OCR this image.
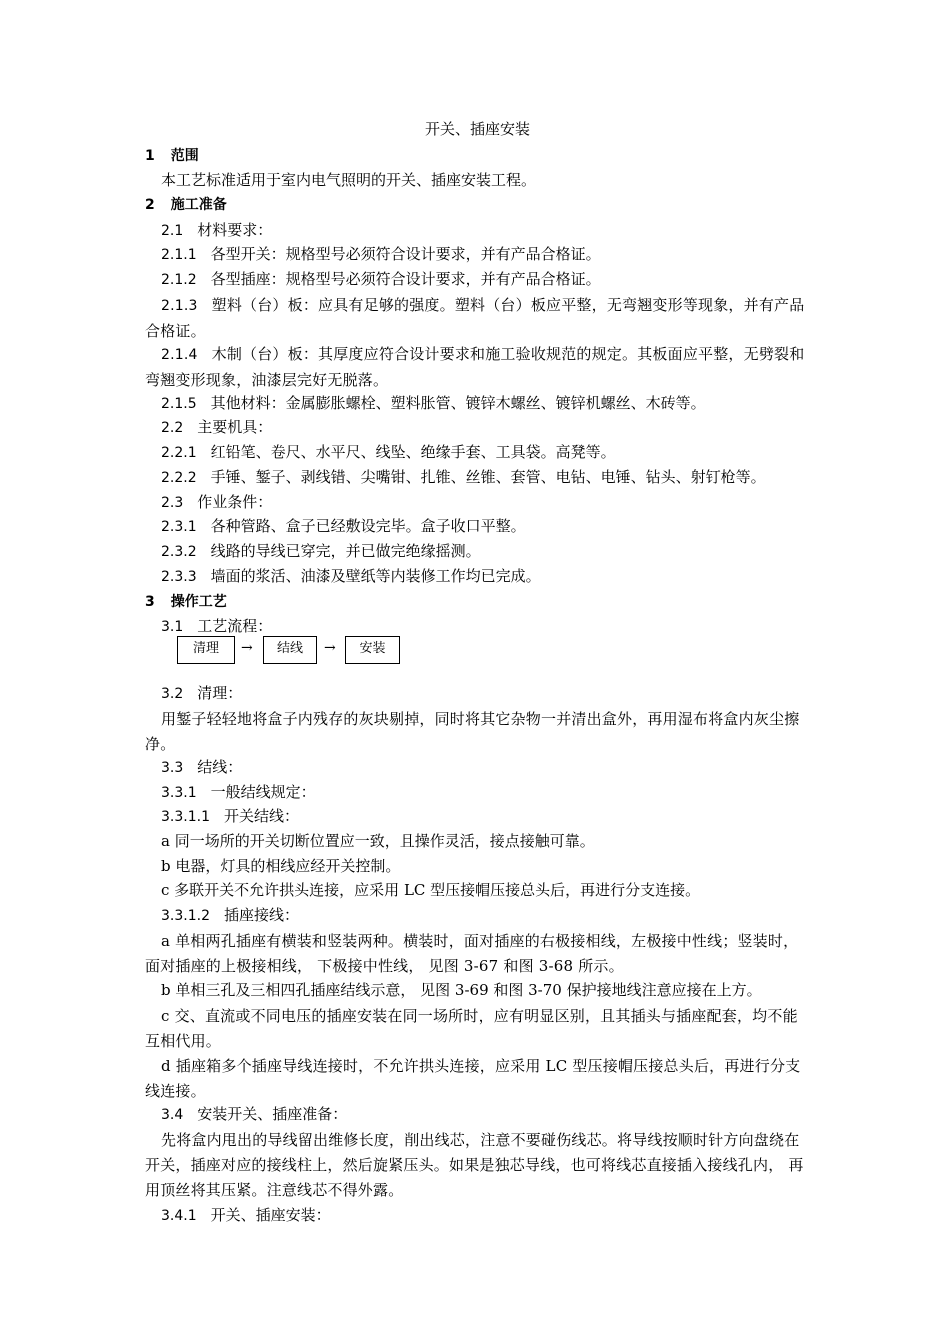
开关、插座安装
1 范围
本工艺标准适用于室内电气照明的开关、插座安装工程。
2 施工准备
2.1 材料要求：
2.1.1 各型开关：规格型号必须符合设计要求，并有产品合格证。
2.1.2 各型插座：规格型号必须符合设计要求，并有产品合格证。
2.1.3 塑料（台）板：应具有足够的强度。塑料（台）板应平整，无弯翘变形等现象，并有产品合格证。
2.1.4 木制（台）板：其厚度应符合设计要求和施工验收规范的规定。其板面应平整，无劈裂和弯翘变形现象，油漆层完好无脱落。
2.1.5 其他材料：金属膨胀螺栓、塑料胀管、镀锌木螺丝、镀锌机螺丝、木砖等。
2.2 主要机具：
2.2.1 红铅笔、卷尺、水平尺、线坠、绝缘手套、工具袋。高凳等。
2.2.2 手锤、錾子、剥线错、尖嘴钳、扎锥、丝锥、套管、电钻、电锤、钻头、射钉枪等。
2.3 作业条件：
2.3.1 各种管路、盒子已经敷设完毕。盒子收口平整。
2.3.2 线路的导线已穿完，并已做完绝缘摇测。
2.3.3 墙面的浆活、油漆及壁纸等内装修工作均已完成。
3 操作工艺
3.1 工艺流程：
清理	→	结线	→	安装
3.2 清理：
用錾子轻轻地将盒子内残存的灰块剔掉，同时将其它杂物一并清出盒外，再用湿布将盒内灰尘擦净。
3.3 结线：
3.3.1 一般结线规定：
3.3.1.1 开关结线：
a 同一场所的开关切断位置应一致，且操作灵活，接点接触可靠。
b 电器，灯具的相线应经开关控制。
c 多联开关不允许拱头连接，应采用 LC 型压接帽压接总头后，再进行分支连接。
3.3.1.2 插座接线：
a 单相两孔插座有横装和竖装两种。横装时，面对插座的右极接相线，左极接中性线；竖装时，面对插座的上极接相线， 下极接中性线， 见图 3-67 和图 3-68 所示。
b 单相三孔及三相四孔插座结线示意， 见图 3-69 和图 3-70 保护接地线注意应接在上方。
c 交、直流或不同电压的插座安装在同一场所时，应有明显区别，且其插头与插座配套，均不能互相代用。
d 插座箱多个插座导线连接时，不允许拱头连接，应采用 LC 型压接帽压接总头后，再进行分支线连接。
3.4 安装开关、插座准备：
先将盒内甩出的导线留出维修长度，削出线芯，注意不要碰伤线芯。将导线按顺时针方向盘绕在开关，插座对应的接线柱上，然后旋紧压头。如果是独芯导线，也可将线芯直接插入接线孔内， 再用顶丝将其压紧。注意线芯不得外露。
3.4.1 开关、插座安装：
